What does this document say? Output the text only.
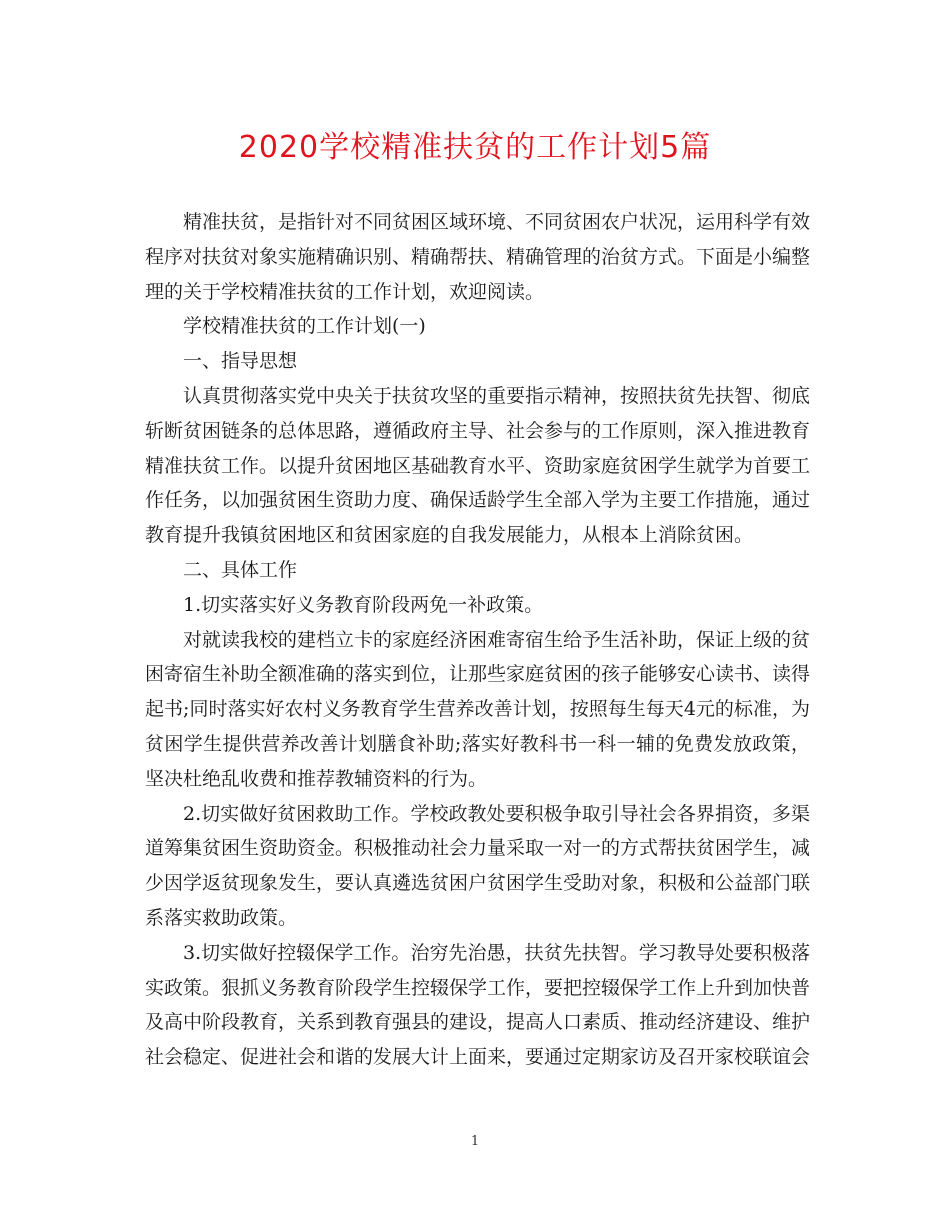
2020学校精准扶贫的工作计划5篇

精准扶贫，是指针对不同贫困区域环境、不同贫困农户状况，运用科学有效程序对扶贫对象实施精确识别、精确帮扶、精确管理的治贫方式。下面是小编整理的关于学校精准扶贫的工作计划，欢迎阅读。

学校精准扶贫的工作计划(一)

一、指导思想

认真贯彻落实党中央关于扶贫攻坚的重要指示精神，按照扶贫先扶智、彻底斩断贫困链条的总体思路，遵循政府主导、社会参与的工作原则，深入推进教育精准扶贫工作。以提升贫困地区基础教育水平、资助家庭贫困学生就学为首要工作任务，以加强贫困生资助力度、确保适龄学生全部入学为主要工作措施，通过教育提升我镇贫困地区和贫困家庭的自我发展能力，从根本上消除贫困。

二、具体工作

1.切实落实好义务教育阶段两免一补政策。

对就读我校的建档立卡的家庭经济困难寄宿生给予生活补助，保证上级的贫困寄宿生补助全额准确的落实到位，让那些家庭贫困的孩子能够安心读书、读得起书;同时落实好农村义务教育学生营养改善计划，按照每生每天4元的标准，为贫困学生提供营养改善计划膳食补助;落实好教科书一科一辅的免费发放政策，坚决杜绝乱收费和推荐教辅资料的行为。

2.切实做好贫困救助工作。学校政教处要积极争取引导社会各界捐资，多渠道筹集贫困生资助资金。积极推动社会力量采取一对一的方式帮扶贫困学生，减少因学返贫现象发生，要认真遴选贫困户贫困学生受助对象，积极和公益部门联系落实救助政策。

3.切实做好控辍保学工作。治穷先治愚，扶贫先扶智。学习教导处要积极落实政策。狠抓义务教育阶段学生控辍保学工作，要把控辍保学工作上升到加快普及高中阶段教育，关系到教育强县的建设，提高人口素质、推动经济建设、维护社会稳定、促进社会和谐的发展大计上面来，要通过定期家访及召开家校联谊会

1
